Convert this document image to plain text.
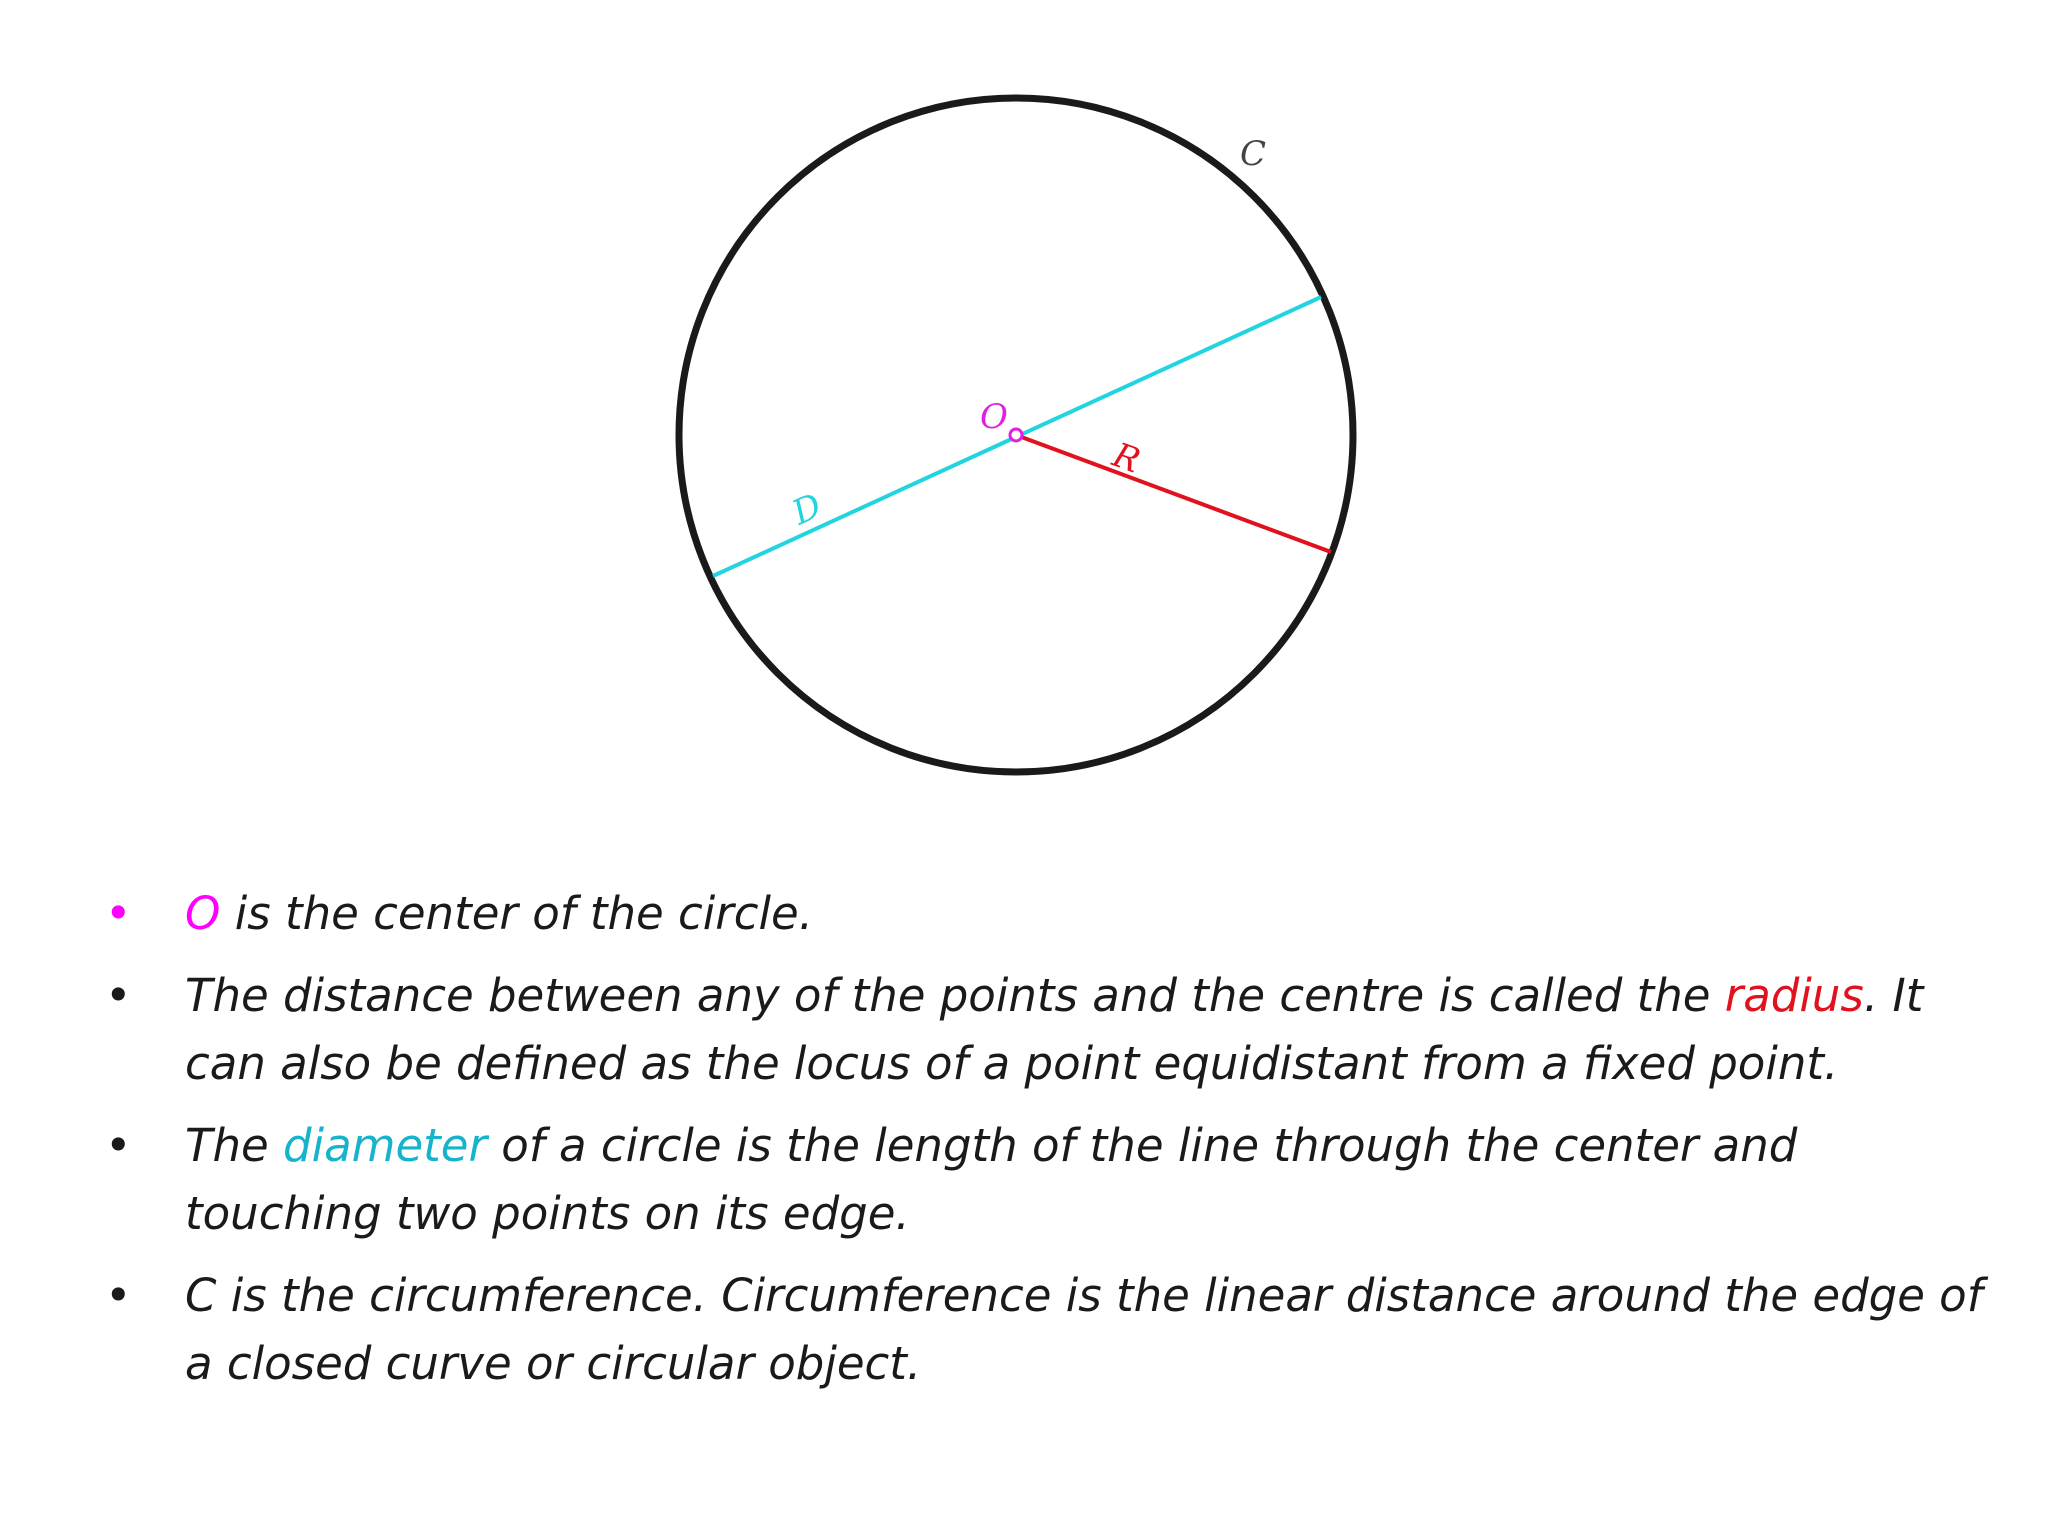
O
R
D
C
• O is the center of the circle.
• The distance between any of the points and the centre is called the radius. It can also be defined as the locus of a point equidistant from a fixed point.
• The diameter of a circle is the length of the line through the center and touching two points on its edge.
• C is the circumference. Circumference is the linear distance around the edge of a closed curve or circular object.
